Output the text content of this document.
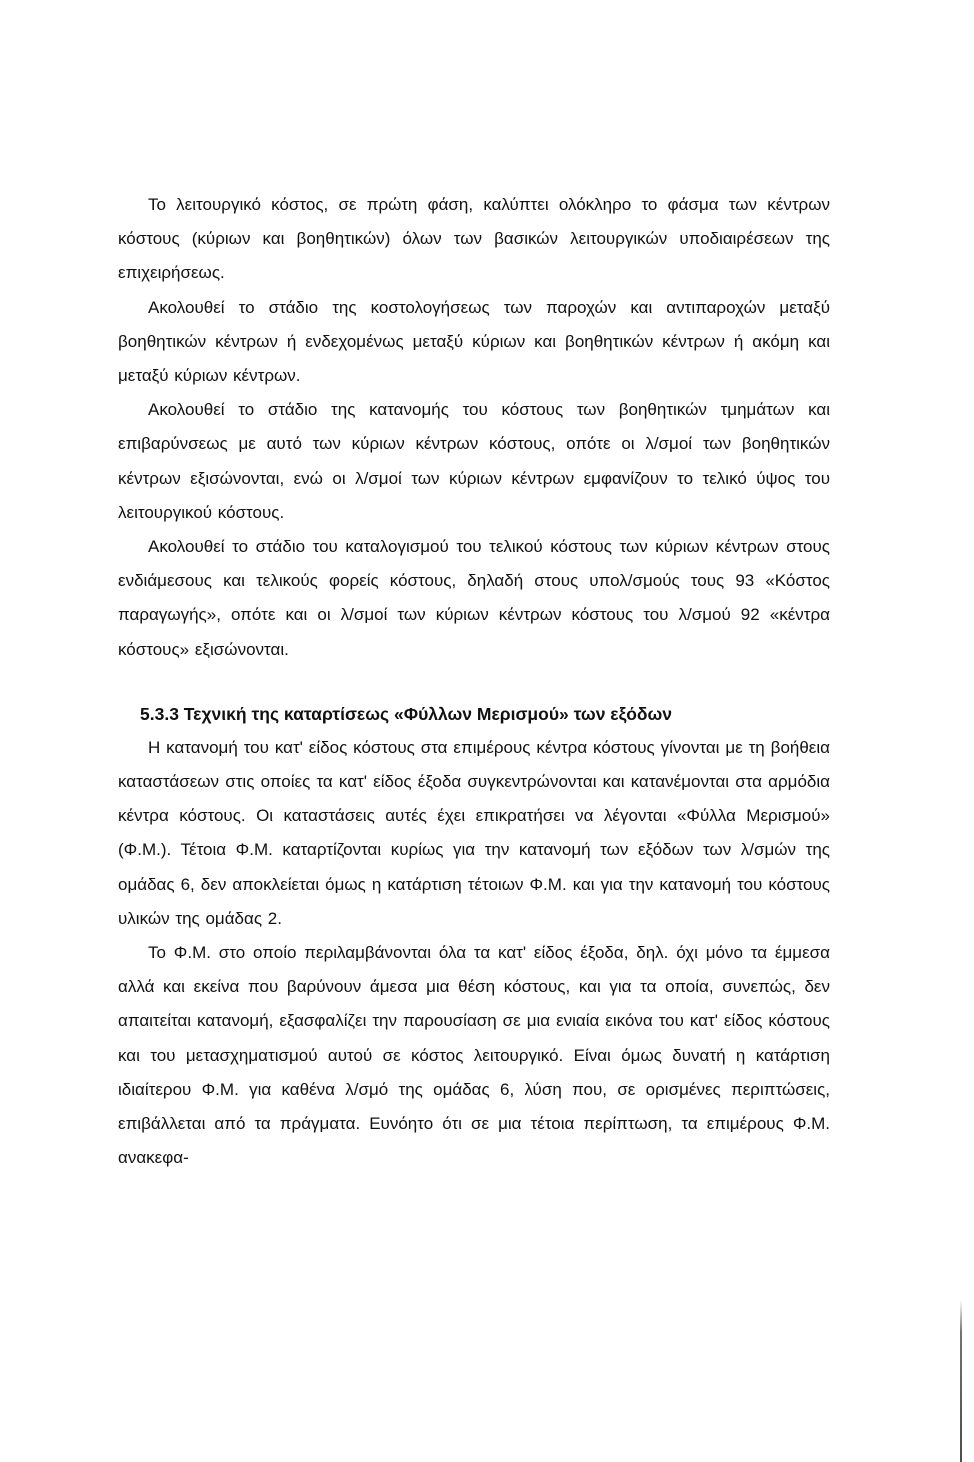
Το λειτουργικό κόστος, σε πρώτη φάση, καλύπτει ολόκληρο το φάσμα των κέντρων κόστους (κύριων και βοηθητικών) όλων των βασικών λειτουργικών υποδιαιρέσεων της επιχειρήσεως.

Ακολουθεί το στάδιο της κοστολογήσεως των παροχών και αντιπαροχών μεταξύ βοηθητικών κέντρων ή ενδεχομένως μεταξύ κύριων και βοηθητικών κέντρων ή ακόμη και μεταξύ κύριων κέντρων.

Ακολουθεί το στάδιο της κατανομής του κόστους των βοηθητικών τμημάτων και επιβαρύνσεως με αυτό των κύριων κέντρων κόστους, οπότε οι λ/σμοί των βοηθητικών κέντρων εξισώνονται, ενώ οι λ/σμοί των κύριων κέντρων εμφανίζουν το τελικό ύψος του λειτουργικού κόστους.

Ακολουθεί το στάδιο του καταλογισμού του τελικού κόστους των κύριων κέντρων στους ενδιάμεσους και τελικούς φορείς κόστους, δηλαδή στους υπολ/σμούς τους 93 «Κόστος παραγωγής», οπότε και οι λ/σμοί των κύριων κέντρων κόστους του λ/σμού 92 «κέντρα κόστους» εξισώνονται.

5.3.3 Τεχνική της καταρτίσεως «Φύλλων Μερισμού» των εξόδων

Η κατανομή του κατ' είδος κόστους στα επιμέρους κέντρα κόστους γίνονται με τη βοήθεια καταστάσεων στις οποίες τα κατ' είδος έξοδα συγκεντρώνονται και κατανέμονται στα αρμόδια κέντρα κόστους. Οι καταστάσεις αυτές έχει επικρατήσει να λέγονται «Φύλλα Μερισμού» (Φ.Μ.). Τέτοια Φ.Μ. καταρτίζονται κυρίως για την κατανομή των εξόδων των λ/σμών της ομάδας 6, δεν αποκλείεται όμως η κατάρτιση τέτοιων Φ.Μ. και για την κατανομή του κόστους υλικών της ομάδας 2.

Το Φ.Μ. στο οποίο περιλαμβάνονται όλα τα κατ' είδος έξοδα, δηλ. όχι μόνο τα έμμεσα αλλά και εκείνα που βαρύνουν άμεσα μια θέση κόστους, και για τα οποία, συνεπώς, δεν απαιτείται κατανομή, εξασφαλίζει την παρουσίαση σε μια ενιαία εικόνα του κατ' είδος κόστους και του μετασχηματισμού αυτού σε κόστος λειτουργικό. Είναι όμως δυνατή η κατάρτιση ιδιαίτερου Φ.Μ. για καθένα λ/σμό της ομάδας 6, λύση που, σε ορισμένες περιπτώσεις, επιβάλλεται από τα πράγματα. Ευνόητο ότι σε μια τέτοια περίπτωση, τα επιμέρους Φ.Μ. ανακεφα-
